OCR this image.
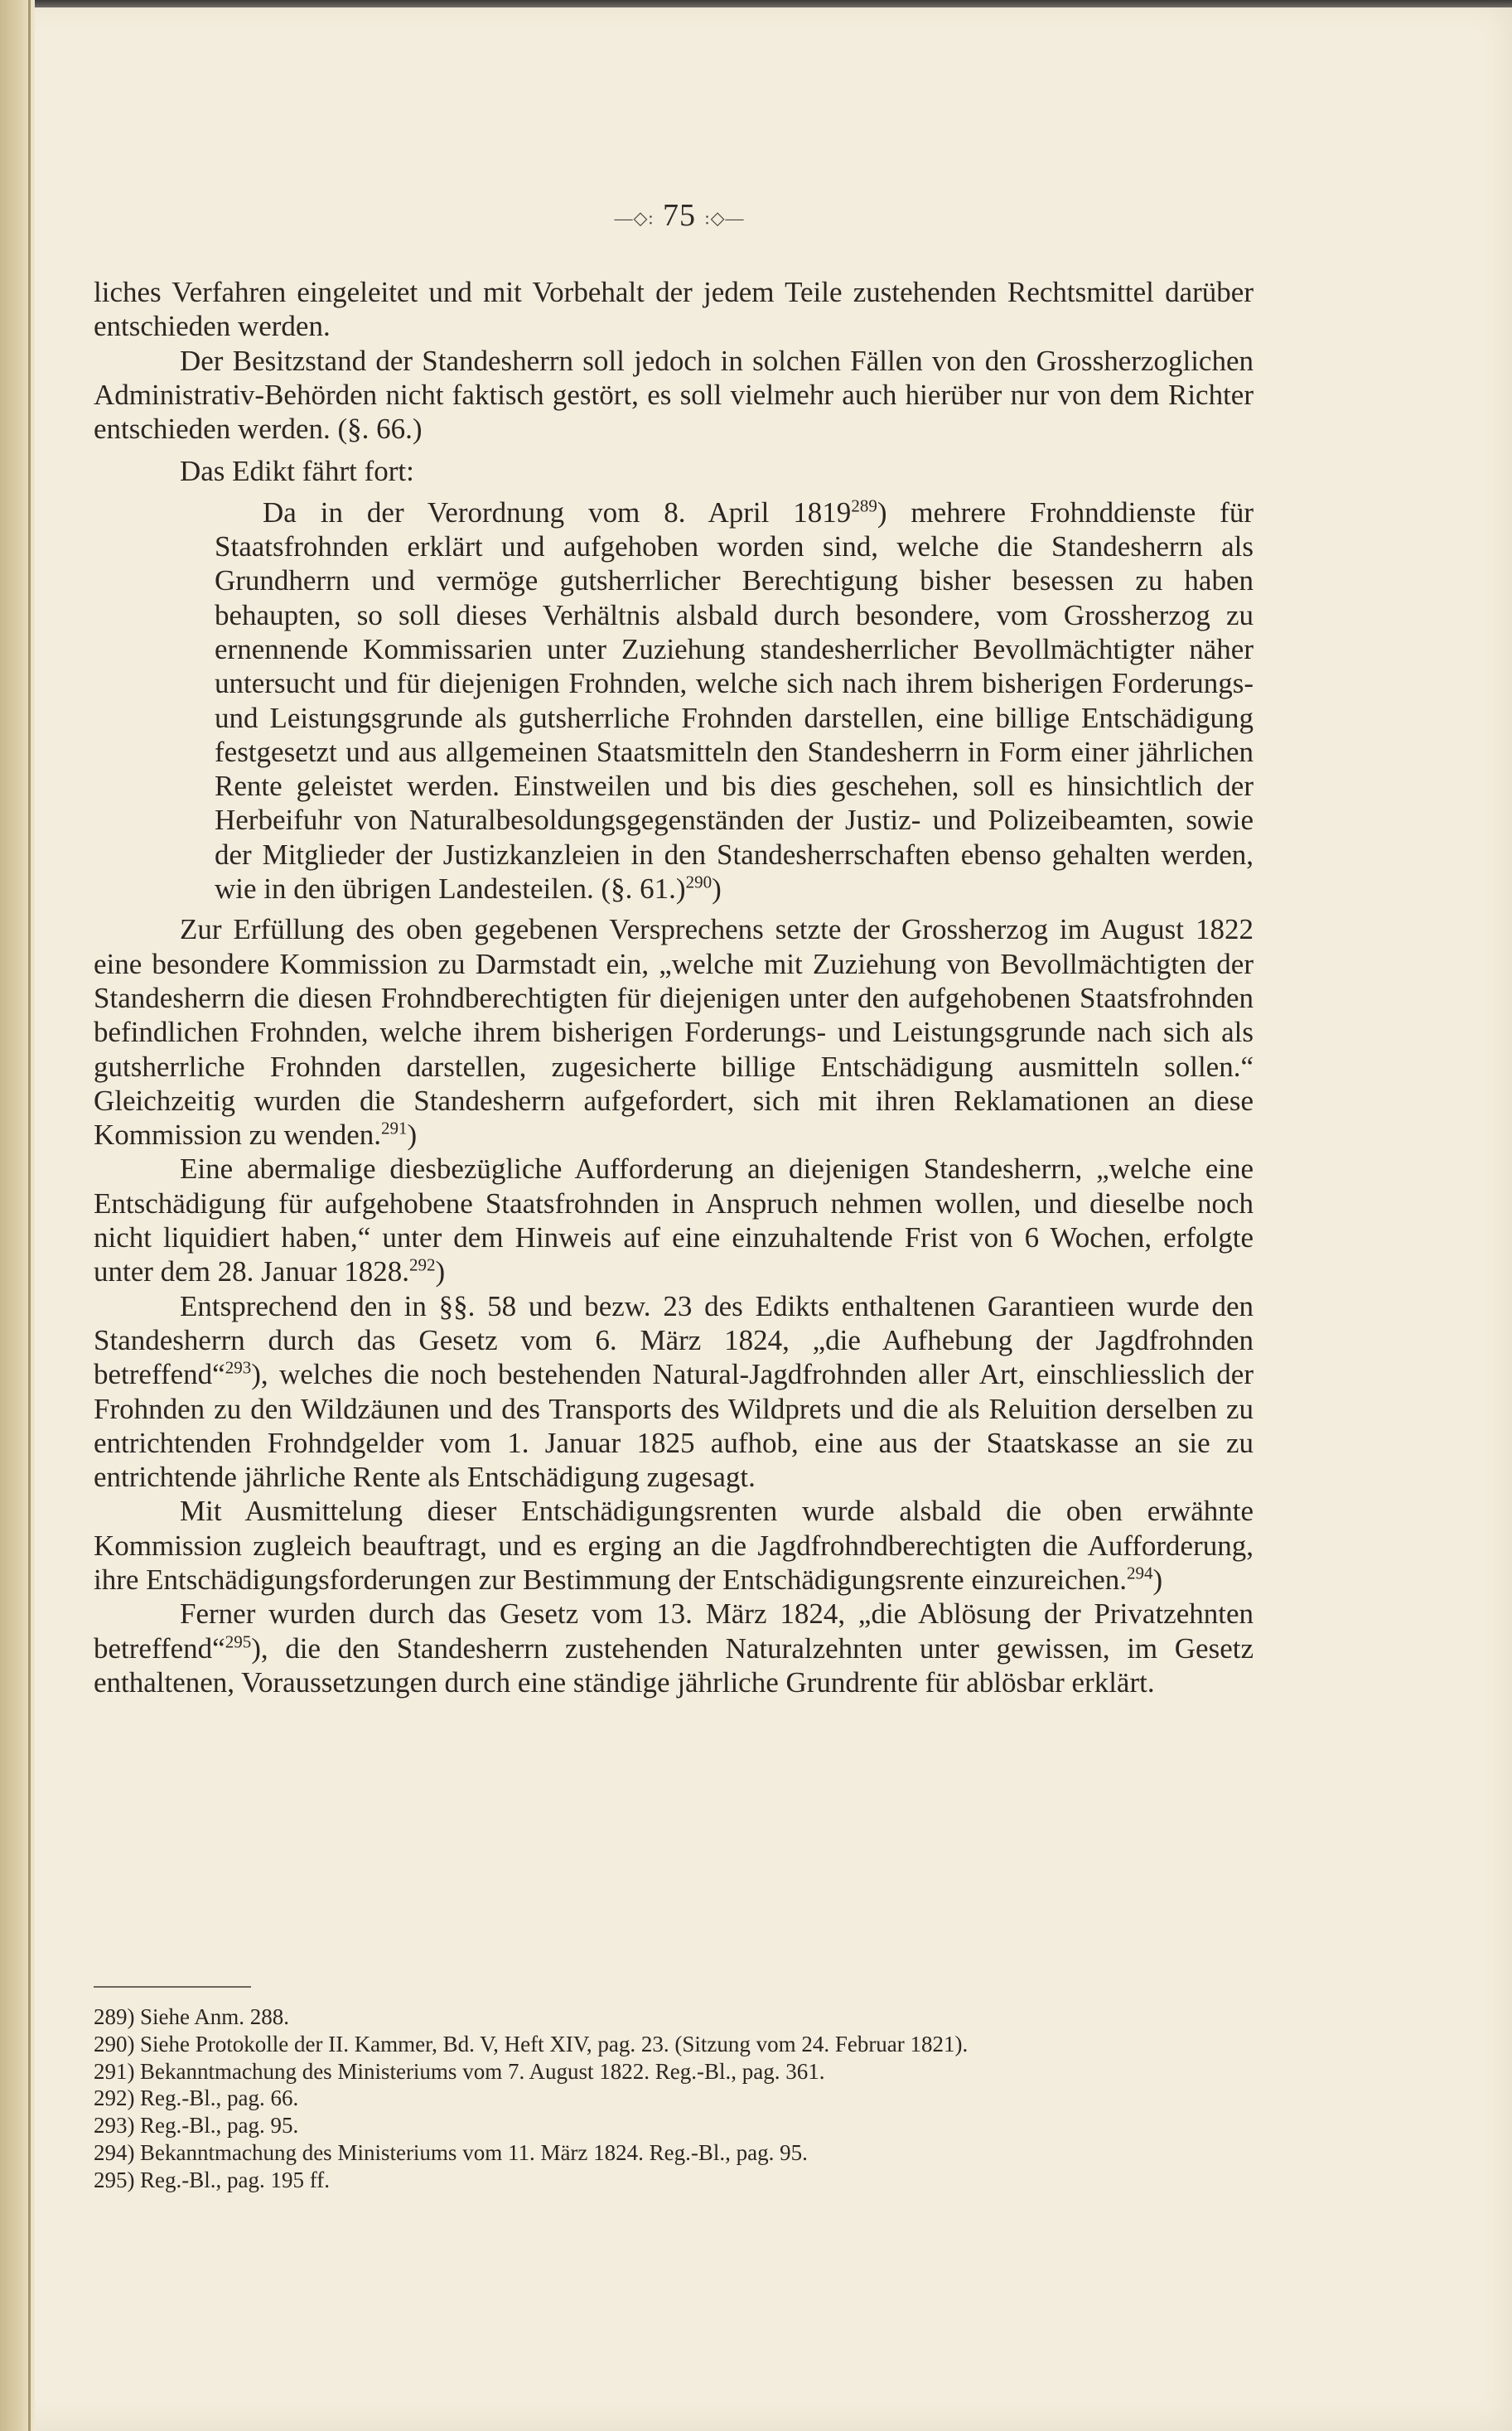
—◇: 75 :◇—

liches Verfahren eingeleitet und mit Vorbehalt der jedem Teile zustehenden Rechtsmittel darüber entschieden werden.

Der Besitzstand der Standesherrn soll jedoch in solchen Fällen von den Grossherzoglichen Administrativ-Behörden nicht faktisch gestört, es soll vielmehr auch hierüber nur von dem Richter entschieden werden. (§. 66.)

Das Edikt fährt fort:

Da in der Verordnung vom 8. April 1819$^{289}$) mehrere Frohnddienste für Staatsfrohnden erklärt und aufgehoben worden sind, welche die Standesherrn als Grundherrn und vermöge gutsherrlicher Berechtigung bisher besessen zu haben behaupten, so soll dieses Verhältnis alsbald durch besondere, vom Grossherzog zu ernennende Kommissarien unter Zuziehung standesherrlicher Bevollmächtigter näher untersucht und für diejenigen Frohnden, welche sich nach ihrem bisherigen Forderungs- und Leistungsgrunde als gutsherrliche Frohnden darstellen, eine billige Entschädigung festgesetzt und aus allgemeinen Staatsmitteln den Standesherrn in Form einer jährlichen Rente geleistet werden. Einstweilen und bis dies geschehen, soll es hinsichtlich der Herbeifuhr von Naturalbesoldungsgegenständen der Justiz- und Polizeibeamten, sowie der Mitglieder der Justizkanzleien in den Standesherrschaften ebenso gehalten werden, wie in den übrigen Landesteilen. (§. 61.)$^{290}$)

Zur Erfüllung des oben gegebenen Versprechens setzte der Grossherzog im August 1822 eine besondere Kommission zu Darmstadt ein, „welche mit Zuziehung von Bevollmächtigten der Standesherrn die diesen Frohndberechtigten für diejenigen unter den aufgehobenen Staatsfrohnden befindlichen Frohnden, welche ihrem bisherigen Forderungs- und Leistungsgrunde nach sich als gutsherrliche Frohnden darstellen, zugesicherte billige Entschädigung ausmitteln sollen.“ Gleichzeitig wurden die Standesherrn aufgefordert, sich mit ihren Reklamationen an diese Kommission zu wenden.$^{291}$)

Eine abermalige diesbezügliche Aufforderung an diejenigen Standesherrn, „welche eine Entschädigung für aufgehobene Staatsfrohnden in Anspruch nehmen wollen, und dieselbe noch nicht liquidiert haben,“ unter dem Hinweis auf eine einzuhaltende Frist von 6 Wochen, erfolgte unter dem 28. Januar 1828.$^{292}$)

Entsprechend den in §§. 58 und bezw. 23 des Edikts enthaltenen Garantieen wurde den Standesherrn durch das Gesetz vom 6. März 1824, „die Aufhebung der Jagdfrohnden betreffend“$^{293}$), welches die noch bestehenden Natural-Jagdfrohnden aller Art, einschliesslich der Frohnden zu den Wildzäunen und des Transports des Wildprets und die als Reluition derselben zu entrichtenden Frohndgelder vom 1. Januar 1825 aufhob, eine aus der Staatskasse an sie zu entrichtende jährliche Rente als Entschädigung zugesagt.

Mit Ausmittelung dieser Entschädigungsrenten wurde alsbald die oben erwähnte Kommission zugleich beauftragt, und es erging an die Jagdfrohndberechtigten die Aufforderung, ihre Entschädigungsforderungen zur Bestimmung der Entschädigungsrente einzureichen.$^{294}$)

Ferner wurden durch das Gesetz vom 13. März 1824, „die Ablösung der Privatzehnten betreffend“$^{295}$), die den Standesherrn zustehenden Naturalzehnten unter gewissen, im Gesetz enthaltenen, Voraussetzungen durch eine ständige jährliche Grundrente für ablösbar erklärt.

289) Siehe Anm. 288.
290) Siehe Protokolle der II. Kammer, Bd. V, Heft XIV, pag. 23. (Sitzung vom 24. Februar 1821).
291) Bekanntmachung des Ministeriums vom 7. August 1822. Reg.-Bl., pag. 361.
292) Reg.-Bl., pag. 66.
293) Reg.-Bl., pag. 95.
294) Bekanntmachung des Ministeriums vom 11. März 1824. Reg.-Bl., pag. 95.
295) Reg.-Bl., pag. 195 ff.
